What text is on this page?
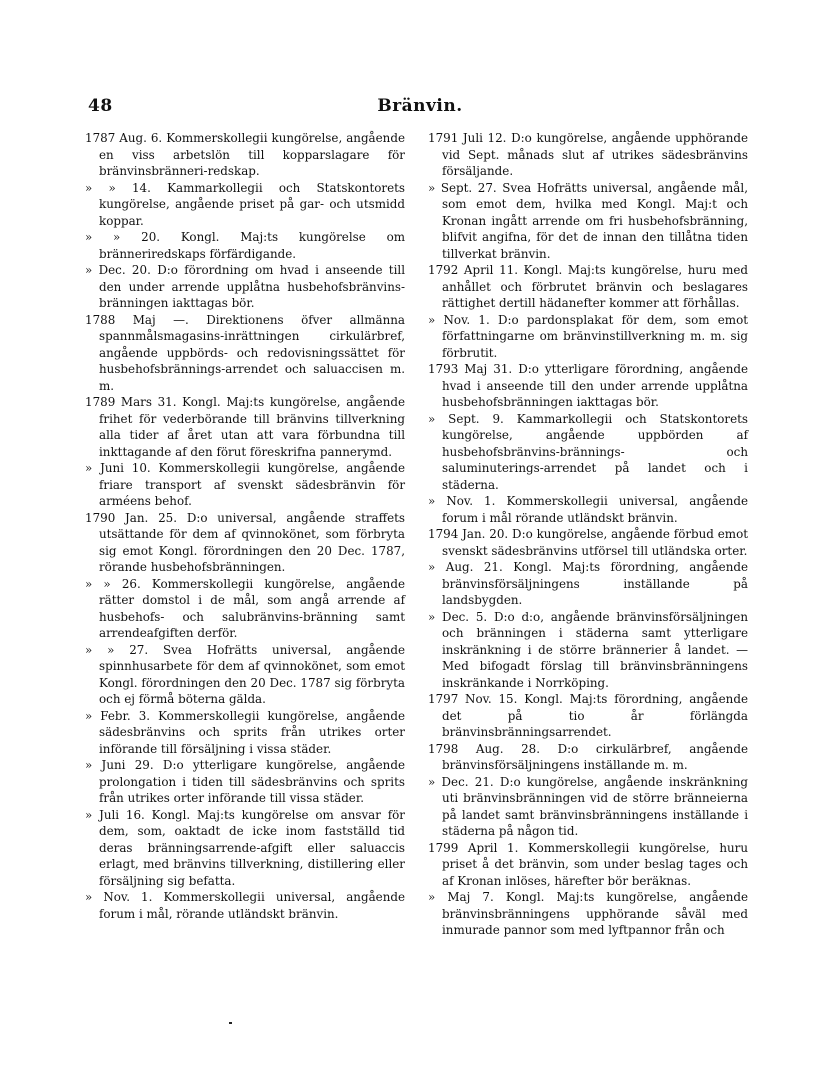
48	Bränvin.

1787 Aug. 6. Kommerskollegii kungörelse, angående en viss arbetslön till kopparslagare för bränvinsbränneri-redskap.

» » 14. Kammarkollegii och Statskontorets kungörelse, angående priset på gar- och utsmidd koppar.

» » 20. Kongl. Maj:ts kungörelse om bränneriredskaps förfärdigande.

» Dec. 20. D:o förordning om hvad i anseende till den under arrende upplåtna husbehofsbränvins-bränningen iakttagas bör.

1788 Maj —. Direktionens öfver allmänna spannmålsmagasins-inrättningen cirkulärbref, angående uppbörds- och redovisningssättet för husbehofsbrännings-arrendet och saluaccisen m. m.

1789 Mars 31. Kongl. Maj:ts kungörelse, angående frihet för vederbörande till bränvins tillverkning alla tider af året utan att vara förbundna till inkttagande af den förut föreskrifna pannerymd.

» Juni 10. Kommerskollegii kungörelse, angående friare transport af svenskt sädesbränvin för arméens behof.

1790 Jan. 25. D:o universal, angående straffets utsättande för dem af qvinnokönet, som förbryta sig emot Kongl. förordningen den 20 Dec. 1787, rörande husbehofsbränningen.

» » 26. Kommerskollegii kungörelse, angående rätter domstol i de mål, som angå arrende af husbehofs- och salubränvins-bränning samt arrendeafgiften derför.

» » 27. Svea Hofrätts universal, angående spinnhusarbete för dem af qvinnokönet, som emot Kongl. förordningen den 20 Dec. 1787 sig förbryta och ej förmå böterna gälda.

» Febr. 3. Kommerskollegii kungörelse, angående sädesbränvins och sprits från utrikes orter införande till försäljning i vissa städer.

» Juni 29. D:o ytterligare kungörelse, angående prolongation i tiden till sädesbränvins och sprits från utrikes orter införande till vissa städer.

» Juli 16. Kongl. Maj:ts kungörelse om ansvar för dem, som, oaktadt de icke inom fastställd tid deras bränningsarrende-afgift eller saluaccis erlagt, med bränvins tillverkning, distillering eller försäljning sig befatta.

» Nov. 1. Kommerskollegii universal, angående forum i mål, rörande utländskt bränvin.

1791 Juli 12. D:o kungörelse, angående upphörande vid Sept. månads slut af utrikes sädesbränvins försäljande.

» Sept. 27. Svea Hofrätts universal, angående mål, som emot dem, hvilka med Kongl. Maj:t och Kronan ingått arrende om fri husbehofsbränning, blifvit angifna, för det de innan den tillåtna tiden tillverkat bränvin.

1792 April 11. Kongl. Maj:ts kungörelse, huru med anhållet och förbrutet bränvin och beslagares rättighet dertill hädanefter kommer att förhållas.

» Nov. 1. D:o pardonsplakat för dem, som emot författningarne om bränvinstillverkning m. m. sig förbrutit.

1793 Maj 31. D:o ytterligare förordning, angående hvad i anseende till den under arrende upplåtna husbehofsbränningen iakttagas bör.

» Sept. 9. Kammarkollegii och Statskontorets kungörelse, angående uppbörden af husbehofsbränvins-brännings- och saluminuterings-arrendet på landet och i städerna.

» Nov. 1. Kommerskollegii universal, angående forum i mål rörande utländskt bränvin.

1794 Jan. 20. D:o kungörelse, angående förbud emot svenskt sädesbränvins utförsel till utländska orter.

» Aug. 21. Kongl. Maj:ts förordning, angående bränvinsförsäljningens inställande på landsbygden.

» Dec. 5. D:o d:o, angående bränvinsförsäljningen och bränningen i städerna samt ytterligare inskränkning i de större brännerier å landet. — Med bifogadt förslag till bränvinsbränningens inskränkande i Norrköping.

1797 Nov. 15. Kongl. Maj:ts förordning, angående det på tio år förlängda bränvinsbränningsarrendet.

1798 Aug. 28. D:o cirkulärbref, angående bränvinsförsäljningens inställande m. m.

» Dec. 21. D:o kungörelse, angående inskränkning uti bränvinsbränningen vid de större bränneierna på landet samt bränvinsbränningens inställande i städerna på någon tid.

1799 April 1. Kommerskollegii kungörelse, huru priset å det bränvin, som under beslag tages och af Kronan inlöses, härefter bör beräknas.

» Maj 7. Kongl. Maj:ts kungörelse, angående bränvinsbränningens upphörande såväl med inmurade pannor som med lyftpannor från och
